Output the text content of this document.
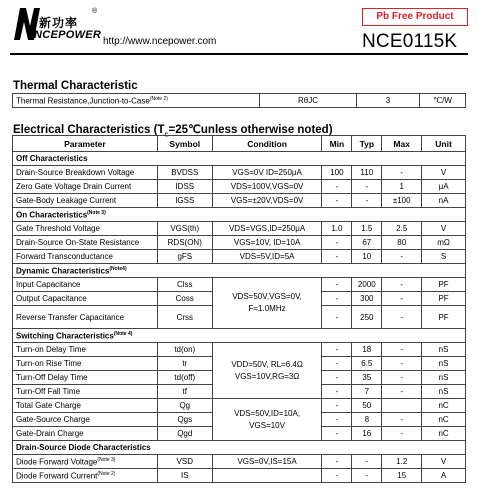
新功率
NCEPOWER
®
http://www.ncepower.com
Pb Free Product
NCE0115K
Thermal Characteristic
Thermal Resistance,Junction-to-Case$^{(Note 2)}$	RθJC	3	℃/W
Electrical Characteristics ($T_C=25℃unless$ otherwise noted)
Parameter	Symbol	Condition	Min	Typ	Max	Unit
Off Characteristics						
Drain-Source Breakdown Voltage	BVDSS	VGS=0V ID=250μA	100	110	-	V
Zero Gate Voltage Drain Current	IDSS	VDS=100V,VGS=0V	-	-	1	μA
Gate-Body Leakage Current	IGSS	VGS=±20V,VDS=0V	-	-	±100	nA
On Characteristics$^{(Note 3)}$
Gate Threshold Voltage	VGS(th)	VDS=VGS,ID=250μA	1.0	1.5	2.5	V
Drain-Source On-State Resistance	RDS(ON)	VGS=10V, ID=10A	-	67	80	mΩ
Forward Transconductance	gFS	VDS=5V,ID=5A	-	10	-	S
Dynamic Characteristics$^{(Note4)}$
Input Capacitance	Clss	VDS=50V,VGS=0V,
F=1.0MHz	-	2000	-	PF
Output Capacitance	Coss		-	300	-	PF
Reverse Transfer Capacitance	Crss		-	250	-	PF
Switching Characteristics$^{(Note 4)}$
Turn-on Delay Time	td(on)	VDD=50V, RL=6.4Ω
VGS=10V,RG=3Ω	-	18	-	nS
Turn-on Rise Time	tr		-	6.5	-	nS
Turn-Off Delay Time	td(off)		-	35	-	nS
Turn-Off Fall Time	tf		-	7	-	nS
Total Gate Charge	Qg	VDS=50V,ID=10A,
VGS=10V	-	50		nC
Gate-Source Charge	Qgs		-	8	-	nC
Gate-Drain Charge	Qgd		-	16	-	nC
Drain-Source Diode Characteristics						
Diode Forward Voltage$^{(Note 3)}$	VSD	VGS=0V,IS=15A	-	-	1.2	V
Diode Forward Current$^{(Note 2)}$	IS		-	-	15	A
